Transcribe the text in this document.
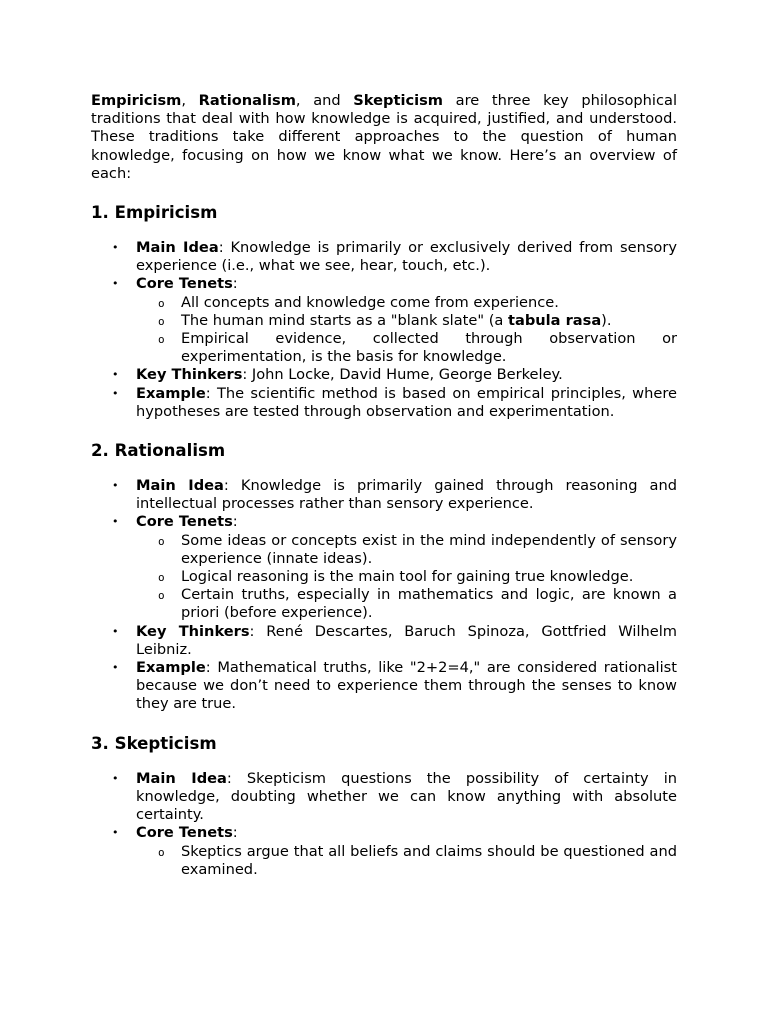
Empiricism, Rationalism, and Skepticism are three key philosophical traditions that deal with how knowledge is acquired, justified, and understood. These traditions take different approaches to the question of human knowledge, focusing on how we know what we know. Here’s an overview of each:

1. Empiricism
• Main Idea: Knowledge is primarily or exclusively derived from sensory experience (i.e., what we see, hear, touch, etc.).
• Core Tenets:
o All concepts and knowledge come from experience.
o The human mind starts as a "blank slate" (a tabula rasa).
o Empirical evidence, collected through observation or experimentation, is the basis for knowledge.
• Key Thinkers: John Locke, David Hume, George Berkeley.
• Example: The scientific method is based on empirical principles, where hypotheses are tested through observation and experimentation.
2. Rationalism
• Main Idea: Knowledge is primarily gained through reasoning and intellectual processes rather than sensory experience.
• Core Tenets:
o Some ideas or concepts exist in the mind independently of sensory experience (innate ideas).
o Logical reasoning is the main tool for gaining true knowledge.
o Certain truths, especially in mathematics and logic, are known a priori (before experience).
• Key Thinkers: René Descartes, Baruch Spinoza, Gottfried Wilhelm Leibniz.
• Example: Mathematical truths, like "2+2=4," are considered rationalist because we don’t need to experience them through the senses to know they are true.
3. Skepticism
• Main Idea: Skepticism questions the possibility of certainty in knowledge, doubting whether we can know anything with absolute certainty.
• Core Tenets:
o Skeptics argue that all beliefs and claims should be questioned and examined.
